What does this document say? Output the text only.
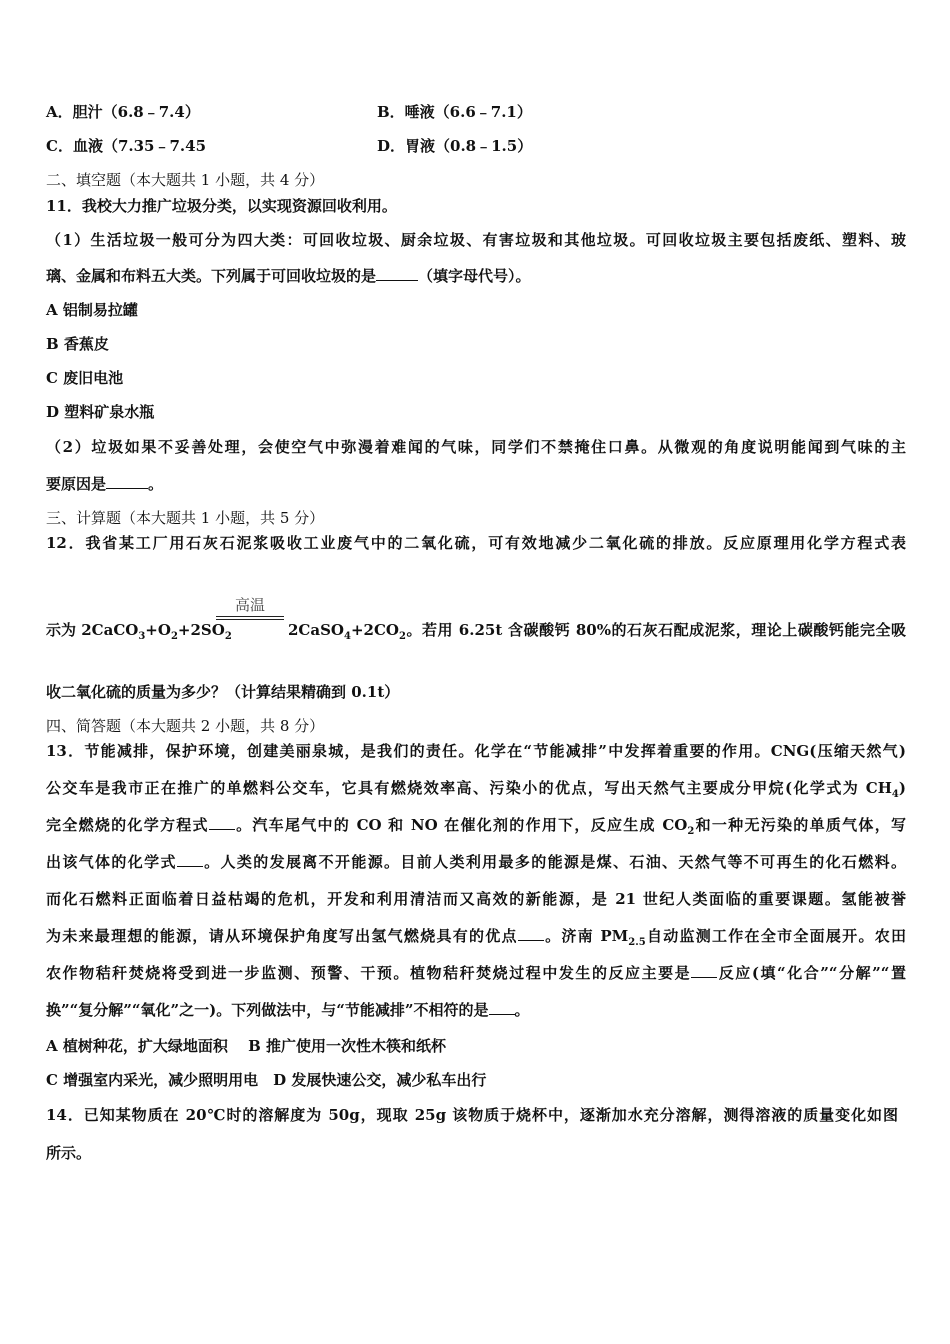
A．胆汁（6.8﹣7.4）	B．唾液（6.6﹣7.1）
C．血液（7.35﹣7.45	D．胃液（0.8﹣1.5）
二、填空题（本大题共 1 小题，共 4 分）
11．我校大力推广垃圾分类，以实现资源回收利用。
（1）生活垃圾一般可分为四大类：可回收垃圾、厨余垃圾、有害垃圾和其他垃圾。可回收垃圾主要包括废纸、塑料、玻
璃、金属和布料五大类。下列属于可回收垃圾的是	（填字母代号）。
A 铝制易拉罐
B 香蕉皮
C 废旧电池
D 塑料矿泉水瓶
（2）垃圾如果不妥善处理，会使空气中弥漫着难闻的气味，同学们不禁掩住口鼻。从微观的角度说明能闻到气味的主
要原因是	。
三、计算题（本大题共 1 小题，共 5 分）
12．我省某工厂用石灰石泥浆吸收工业废气中的二氧化硫，可有效地减少二氧化硫的排放。反应原理用化学方程式表
高温
示为 $2CaCO_3+O_2+2SO_2$	$2CaSO_4+2CO_2$。若用 6.25t 含碳酸钙 80%的石灰石配成泥浆，理论上碳酸钙能完全吸
收二氧化硫的质量为多少？（计算结果精确到 0.1t）
四、简答题（本大题共 2 小题，共 8 分）
13．节能减排，保护环境，创建美丽泉城，是我们的责任。化学在“节能减排”中发挥着重要的作用。CNG(压缩天然气)
公交车是我市正在推广的单燃料公交车，它具有燃烧效率高、污染小的优点，写出天然气主要成分甲烷(化学式为 $CH_4$)
完全燃烧的化学方程式 。汽车尾气中的 CO 和 NO 在催化剂的作用下，反应生成 $CO_2$和一种无污染的单质气体，写
出该气体的化学式 。人类的发展离不开能源。目前人类利用最多的能源是煤、石油、天然气等不可再生的化石燃料。
而化石燃料正面临着日益枯竭的危机，开发和利用清洁而又高效的新能源，是 21 世纪人类面临的重要课题。氢能被誉
为未来最理想的能源，请从环境保护角度写出氢气燃烧具有的优点 。济南 $PM_{2.5}$自动监测工作在全市全面展开。农田
农作物秸秆焚烧将受到进一步监测、预警、干预。植物秸秆焚烧过程中发生的反应主要是 反应(填“化合”“分解”“置
换”“复分解”“氧化”之一)。下列做法中，与“节能减排”不相符的是 。
A 植树种花，扩大绿地面积　 B 推广使用一次性木筷和纸杯
C 增强室内采光，减少照明用电　D 发展快速公交，减少私车出行
14．已知某物质在 20℃时的溶解度为 50g，现取 25g 该物质于烧杯中，逐渐加水充分溶解，测得溶液的质量变化如图
所示。
